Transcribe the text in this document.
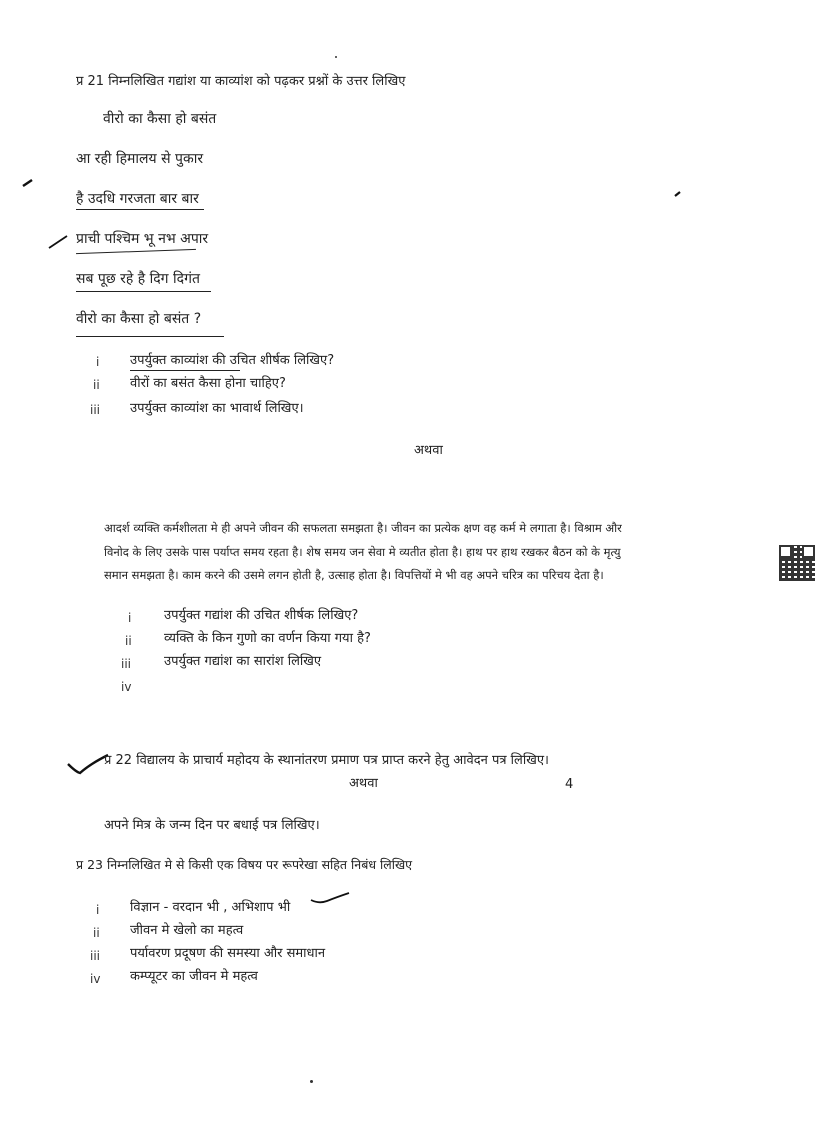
प्र 21 निम्नलिखित गद्यांश या काव्यांश को पढ़कर प्रश्नों के उत्तर लिखिए
वीरो का कैसा हो बसंत
आ रही हिमालय से पुकार
है उदधि गरजता बार बार
प्राची पश्चिम भू नभ अपार
सब पूछ रहे है दिग दिगंत
वीरो का कैसा हो बसंत ?
i उपर्युक्त काव्यांश की उचित शीर्षक लिखिए?
ii वीरों का बसंत कैसा होना चाहिए?
iii उपर्युक्त काव्यांश का भावार्थ लिखिए।
अथवा
आदर्श व्यक्ति कर्मशीलता मे ही अपने जीवन की सफलता समझता है। जीवन का प्रत्येक क्षण वह कर्म मे लगाता है। विश्राम और
विनोद के लिए उसके पास पर्याप्त समय रहता है। शेष समय जन सेवा मे व्यतीत होता है। हाथ पर हाथ रखकर बैठन को के मृत्यु
समान समझता है। काम करने की उसमे लगन होती है, उत्साह होता है। विपत्तियों मे भी वह अपने चरित्र का परिचय देता है।
i	उपर्युक्त गद्यांश की उचित शीर्षक लिखिए?
ii व्यक्ति के किन गुणो का वर्णन किया गया है?
iii	उपर्युक्त गद्यांश का सारांश लिखिए
iv
प्र 22 विद्यालय के प्राचार्य महोदय के स्थानांतरण प्रमाण पत्र प्राप्त करने हेतु आवेदन पत्र लिखिए।
अथवा	4
अपने मित्र के जन्म दिन पर बधाई पत्र लिखिए।
प्र 23 निम्नलिखित मे से किसी एक विषय पर रूपरेखा सहित निबंध लिखिए
i विज्ञान - वरदान भी , अभिशाप भी
ii जीवन मे खेलो का महत्व
iii पर्यावरण प्रदूषण की समस्या और समाधान
iv कम्प्यूटर का जीवन मे महत्व
